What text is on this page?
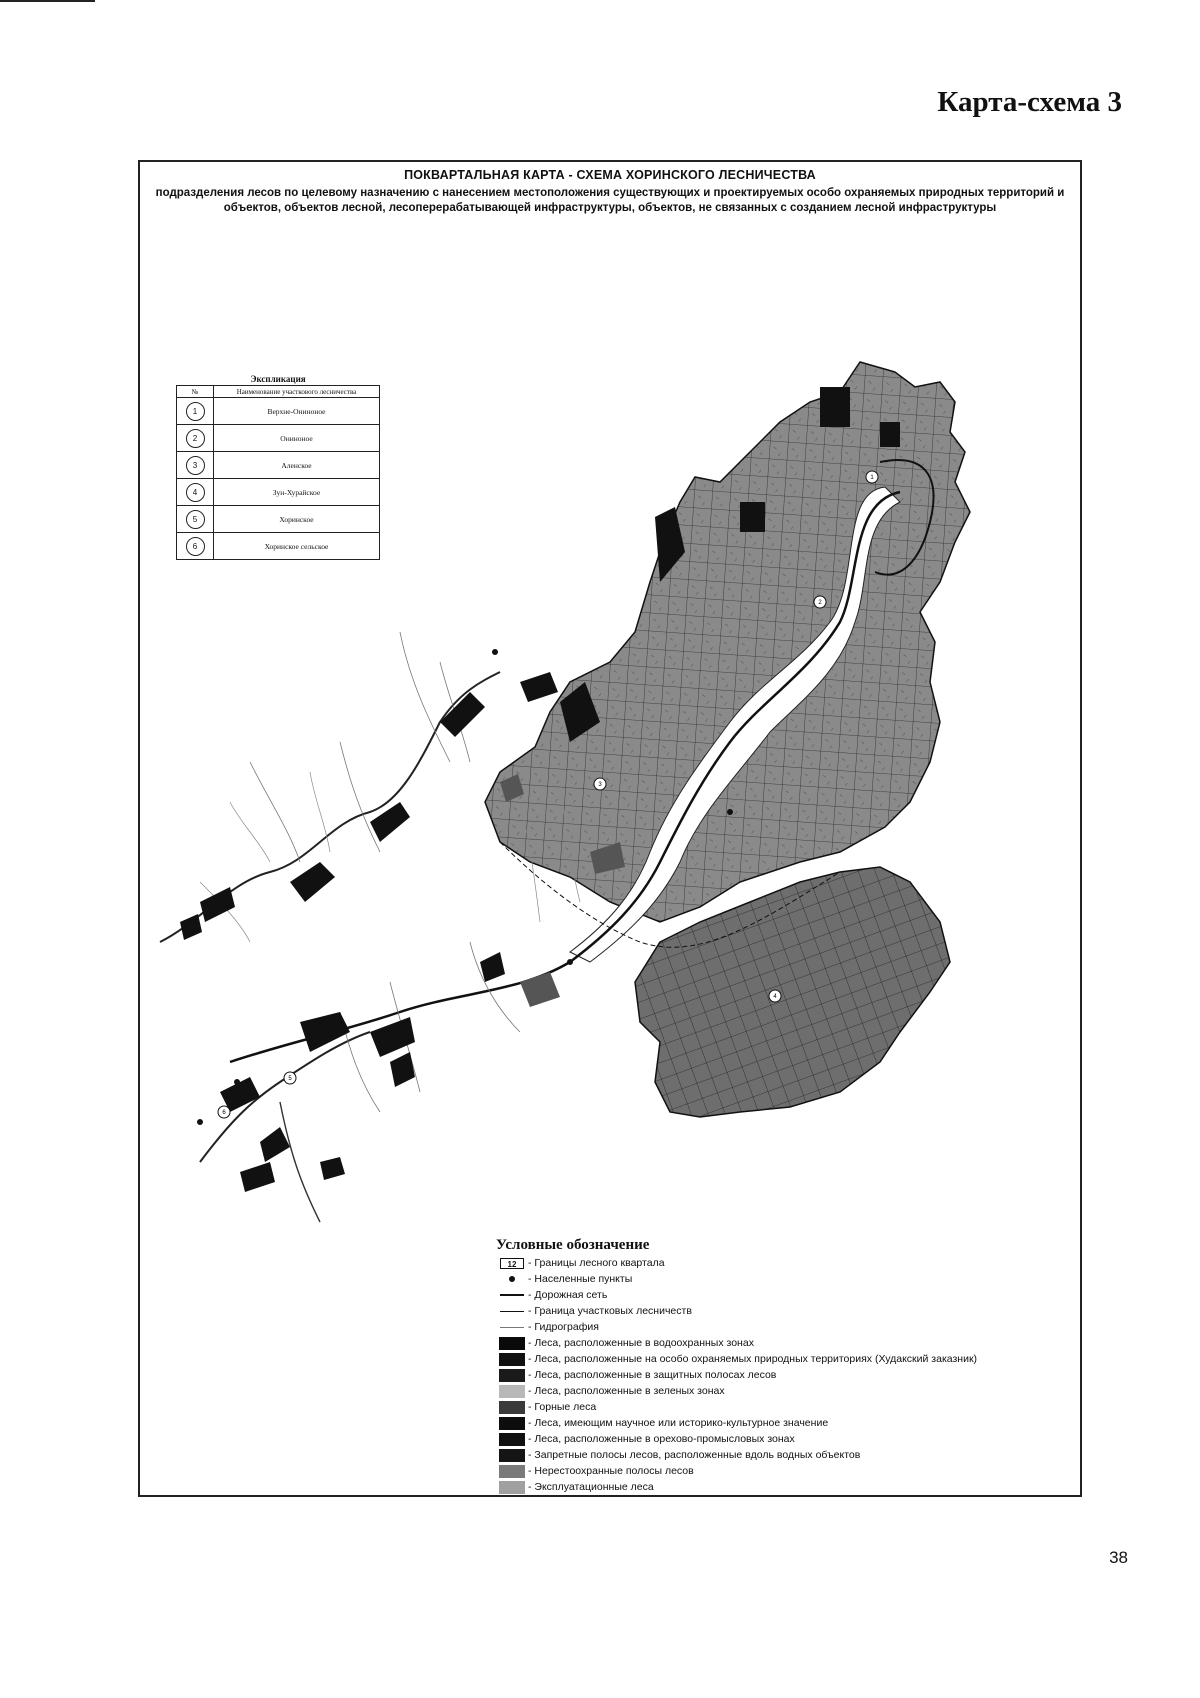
Карта-схема 3
1
2
3
4
5
6
ПОКВАРТАЛЬНАЯ КАРТА - СХЕМА ХОРИНСКОГО ЛЕСНИЧЕСТВА
подразделения лесов по целевому назначению с нанесением местоположения существующих и проектируемых особо охраняемых природных территорий и объектов, объектов лесной, лесоперерабатывающей инфраструктуры, объектов, не связанных с созданием лесной инфраструктуры
Экспликация
№	Наименование участкового лесничества
1	Верхне-Ониноное
2	Ониноное
3	Аленское
4	Зун-Хурайское
5	Хоринское
6	Хоринское сельское
Условные обозначение
12	- Границы лесного квартала
- Населенные пункты
- Дорожная сеть
- Граница участковых лесничеств
- Гидрография
- Леса, расположенные в водоохранных зонах
- Леса, расположенные на особо охраняемых природных территориях (Худакский заказник)
- Леса, расположенные в защитных полосах лесов
- Леса, расположенные в зеленых зонах
- Горные леса
- Леса, имеющим научное или историко-культурное значение
- Леса, расположенные в орехово-промысловых зонах
- Запретные полосы лесов, расположенные вдоль водных объектов
- Нерестоохранные полосы лесов
- Эксплуатационные леса
38
